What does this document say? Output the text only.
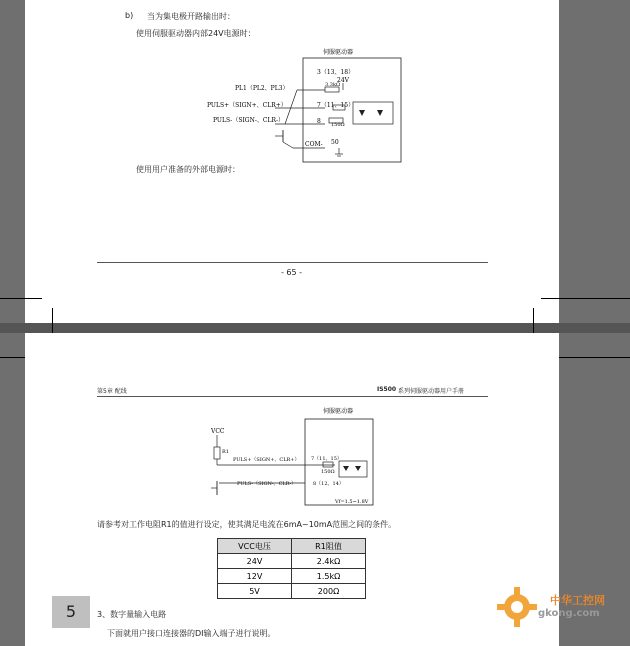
b) 当为集电极开路输出时：
使用伺服驱动器内部24V电源时：
伺服驱动器
3（13、18）
24V
3.3kΩ
PL1（PL2、PL3）
PULS+（SIGN+、CLR+）	7（11、15）
PULS-（SIGN-、CLR-）	8 150Ω
COM- 50
使用用户准备的外部电源时：
- 65 -
第5章 配线	IS500 系列伺服驱动器用户手册
伺服驱动器
VCC
R1
PULS+（SIGN+、CLR+） 7（11、15）
150Ω
PULS-（SIGN-、CLR-）	8（12、14）
Vf=1.5~1.8V
请参考对工作电阻R1的值进行设定，使其满足电流在6mA~10mA范围之间的条件。
VCC电压	R1阻值
24V	2.4kΩ
12V	1.5kΩ
5V	200Ω
5	3、数字量输入电路
下面就用户接口连接器的DI输入端子进行说明。
中华工控网
gkong.com
